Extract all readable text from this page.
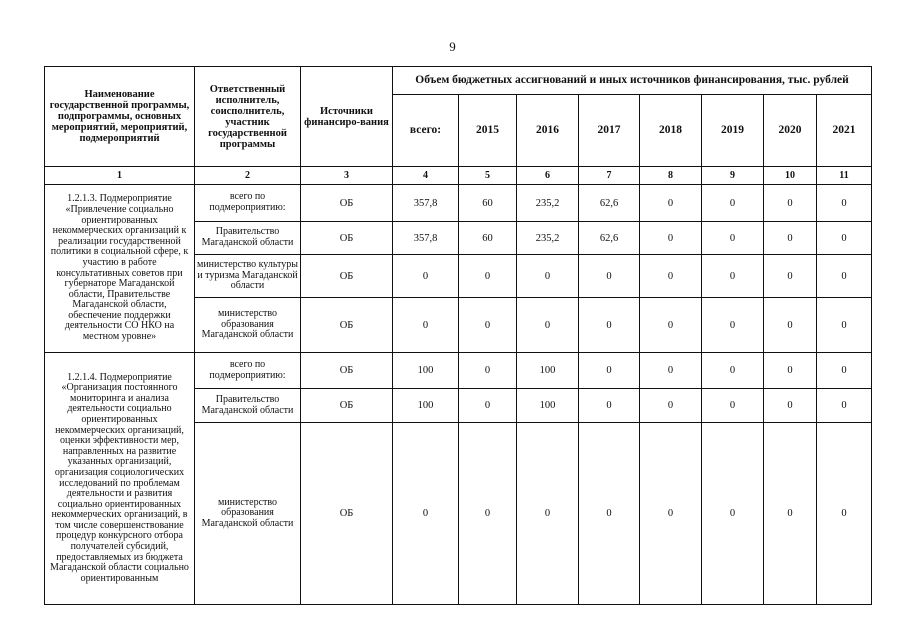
9
Наименование государственной программы, подпрограммы, основных мероприятий, мероприятий, подмероприятий	Ответственный исполнитель, соисполнитель, участник государственной программы	Источники финансиро-вания	Объем бюджетных ассигнований и иных источников финансирования, тыс. рублей							
			всего:	2015	2016	2017	2018	2019	2020	2021
1	2	3	4	5	6	7	8	9	10	11
1.2.1.3. Подмероприятие «Привлечение социально ориентированных некоммерческих организаций к реализации государственной политики в социальной сфере, к участию в работе консультативных советов при губернаторе Магаданской области, Правительстве Магаданской области, обеспечение поддержки деятельности СО НКО на местном уровне»	всего по подмероприятию:	ОБ	357,8	60	235,2	62,6	0	0	0	0
	Правительство Магаданской области	ОБ	357,8	60	235,2	62,6	0	0	0	0
	министерство культуры и туризма Магаданской области	ОБ	0	0	0	0	0	0	0	0
	министерство образования Магаданской области	ОБ	0	0	0	0	0	0	0	0
1.2.1.4. Подмероприятие «Организация постоянного мониторинга и анализа деятельности социально ориентированных некоммерческих организаций, оценки эффективности мер, направленных на развитие указанных организаций, организация социологических исследований по проблемам деятельности и развития социально ориентированных некоммерческих организаций, в том числе совершенствование процедур конкурсного отбора получателей субсидий, предоставляемых из бюджета Магаданской области социально ориентированным	всего по подмероприятию:	ОБ	100	0	100	0	0	0	0	0
	Правительство Магаданской области	ОБ	100	0	100	0	0	0	0	0
	министерство образования Магаданской области	ОБ	0	0	0	0	0	0	0	0
